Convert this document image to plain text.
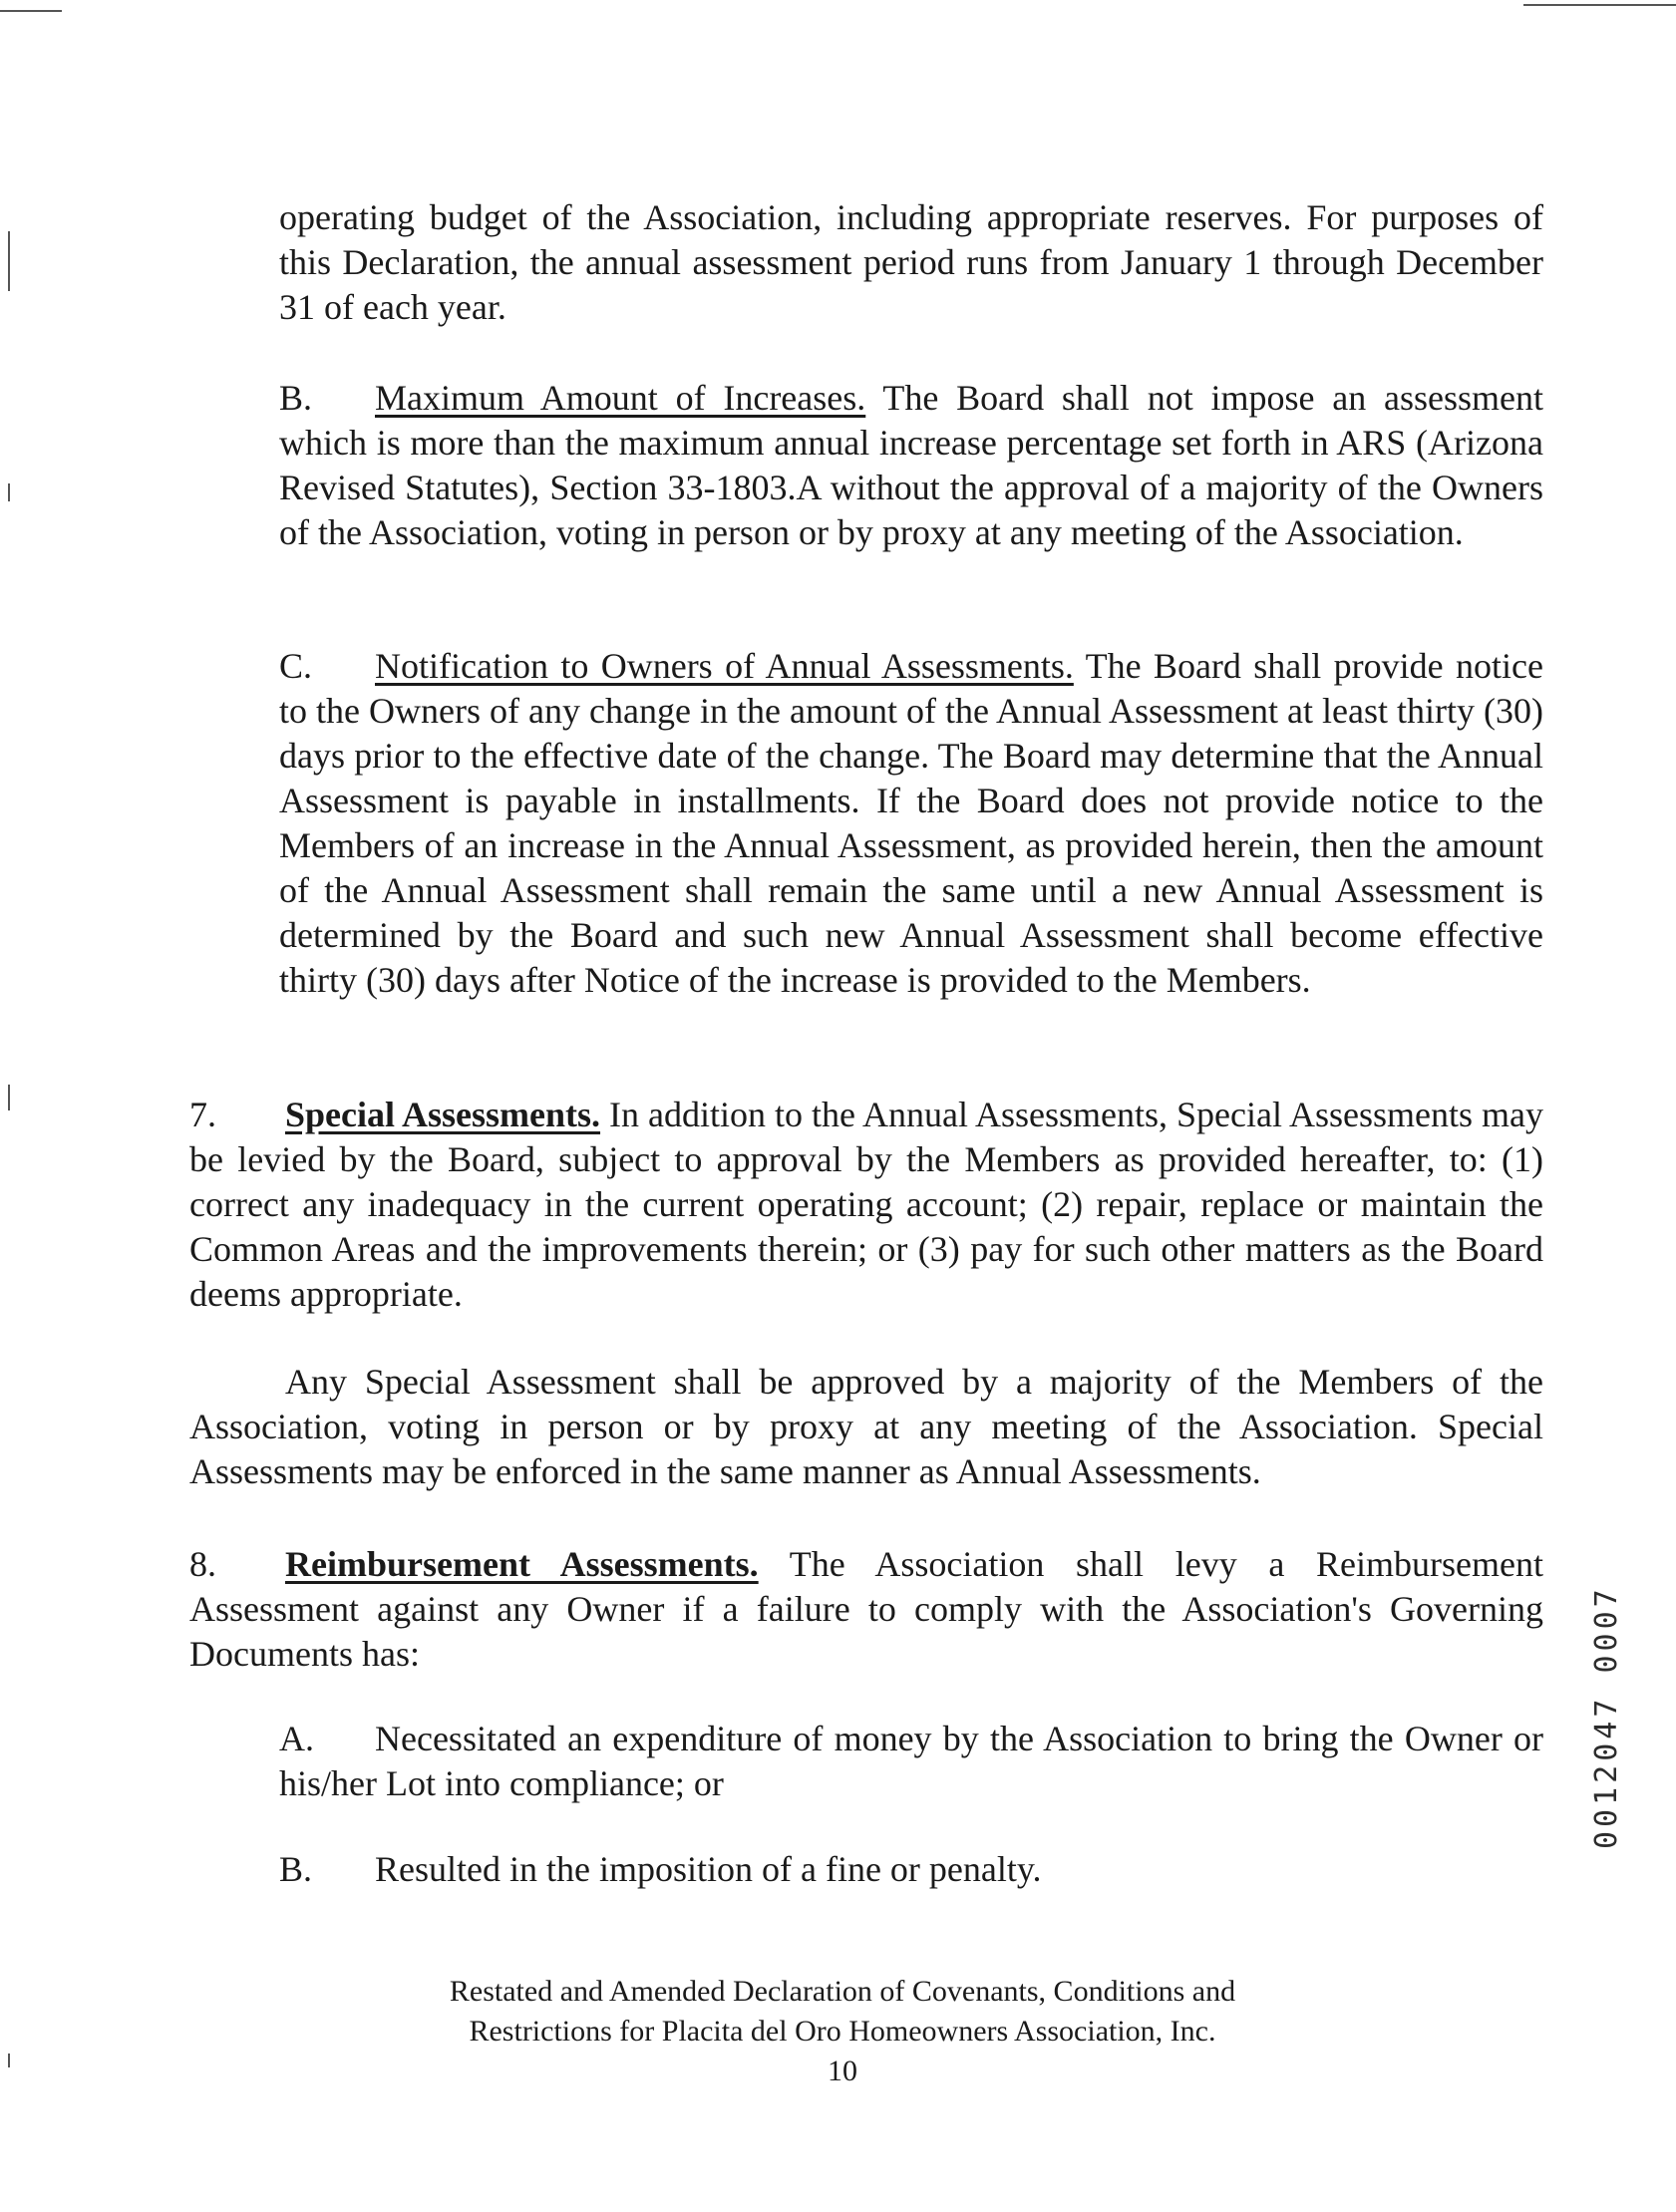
operating budget of the Association, including appropriate reserves. For purposes of this Declaration, the annual assessment period runs from January 1 through December 31 of each year.

B. Maximum Amount of Increases. The Board shall not impose an assessment which is more than the maximum annual increase percentage set forth in ARS (Arizona Revised Statutes), Section 33-1803.A without the approval of a majority of the Owners of the Association, voting in person or by proxy at any meeting of the Association.

C. Notification to Owners of Annual Assessments. The Board shall provide notice to the Owners of any change in the amount of the Annual Assessment at least thirty (30) days prior to the effective date of the change. The Board may determine that the Annual Assessment is payable in installments. If the Board does not provide notice to the Members of an increase in the Annual Assessment, as provided herein, then the amount of the Annual Assessment shall remain the same until a new Annual Assessment is determined by the Board and such new Annual Assessment shall become effective thirty (30) days after Notice of the increase is provided to the Members.

7. Special Assessments. In addition to the Annual Assessments, Special Assessments may be levied by the Board, subject to approval by the Members as provided hereafter, to: (1) correct any inadequacy in the current operating account; (2) repair, replace or maintain the Common Areas and the improvements therein; or (3) pay for such other matters as the Board deems appropriate.

Any Special Assessment shall be approved by a majority of the Members of the Association, voting in person or by proxy at any meeting of the Association. Special Assessments may be enforced in the same manner as Annual Assessments.

8. Reimbursement Assessments. The Association shall levy a Reimbursement Assessment against any Owner if a failure to comply with the Association's Governing Documents has:

A. Necessitated an expenditure of money by the Association to bring the Owner or his/her Lot into compliance; or

B. Resulted in the imposition of a fine or penalty.

Restated and Amended Declaration of Covenants, Conditions and
Restrictions for Placita del Oro Homeowners Association, Inc.
10
0012047 0007
